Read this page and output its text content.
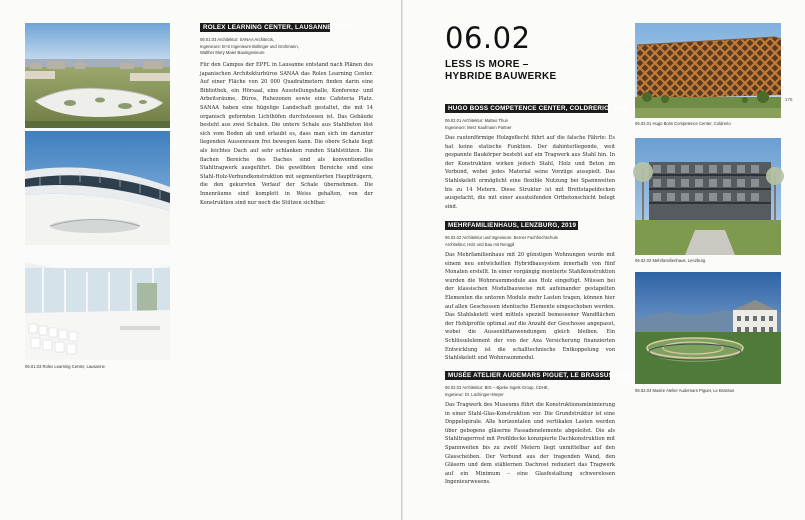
06.01.03 Rolex Learning Center, Lausanne
ROLEX LEARNING CENTER, LAUSANNE, 2010
06.01.03 Architektur: SANAA Architects,
Ingenieure: B+S Ingenieure Bollinger und Grohmann,
Walther Mory Maier Bauingenieure
Für den Campus der EPFL in Lausanne entstand nach Plänen des japanischen Architekturbüros SANAA das Rolex Learning Center. Auf einer Fläche von 20 000 Quadratmetern finden darin eine Bibliothek, ein Hörsaal, eine Ausstellungshalle, Konferenz- und Arbeitsräume, Büros, Ruhezonen sowie eine Cafeteria Platz. SANAA haben eine hügelige Landschaft gestaltet, die mit 14 organisch geformten Lichthöfen durchstossen ist. Das Gebäude besteht aus zwei Schalen. Die untere Schale aus Stahlbeton löst sich vom Boden ab und erlaubt es, dass man sich im darunter liegenden Aussenraum frei bewegen kann. Die obere Schale liegt als leichtes Dach auf sehr schlanken runden Stahlstützen. Die flachen Bereiche des Daches sind als konventionelles Stahltragwerk ausgeführt. Die gewölbten Bereiche sind eine Stahl-Holz-Verbundkonstruktion mit segmentierten Hauptträgern, die den gekurvten Verlauf der Schale übernehmen. Die Innenräume sind komplett in Weiss gehalten, von der Konstruktion sind nur noch die Stützen sichtbar.
06.02
LESS IS MORE –
HYBRIDE BAUWERKE
175
HUGO BOSS COMPETENCE CENTER, COLDRERIO, 2006
06.02.01 Architektur: Matteo Thun
Ingenieure: Merz Kaufmann Partner
Das rautenförmige Holzgeflecht führt auf die falsche Fährte: Es hat keine statische Funktion. Der dahinterliegende, weit gespannte Baukörper besteht auf ein Tragwerk aus Stahl hin. In der Konstruktion wirken jedoch Stahl, Holz und Beton im Verbund, wobei jedes Material seine Vorzüge ausspielt. Das Stahlskelett ermöglicht eine flexible Nutzung bei Spannweiten bis zu 14 Metern. Diese Struktur ist mit Brettstapeldecken ausgefacht, die mit einer aussteifenden Ortbetonschicht belegt sind.
MEHRFAMILIENHAUS, LENZBURG, 2019
06.02.02 Architektur und Ingenieure: Berner Fachhochschule
Architektur, Holz und Bau mit Renggli
Das Mehrfamilienhaus mit 20 günstigen Wohnungen wurde mit einem neu entwickelten Hybridbausystem innerhalb von fünf Monaten erstellt. In einer vorgängig montierte Stahlkonstruktion wurden die Wohnraummodule aus Holz eingefügt. Müssen bei der klassischen Modulbauweise mit aufeinander gestapelten Elementen die unteren Module mehr Lasten tragen, können hier auf allen Geschossen identische Elemente eingeschoben werden. Das Stahlskelett wird mittels speziell bemessener Wandflächen der Hohlprofile optimal auf die Anzahl der Geschosse angepasst, wobei die Aussenliftanwendungen gleich bleiben. Ein Schlüsselelement der von der Axa Versicherung finanzierten Entwicklung ist die schalltechnische Entkoppelung von Stahlskelett und Wohnraummodul.
MUSÉE ATELIER AUDEMARS PIGUET, LE BRASSUS, 2020
06.02.03 Architektur: BIG – Bjarke Ingels Group, CDHE,
Ingenieur: Dr. Lüchinger+Meyer
Das Tragwerk des Museums führt die Konstruktionsminimierung in einer Stahl-Glas-Konstruktion vor. Die Grundstruktur ist eine Doppelspirale. Alle horizontalen und vertikalen Lasten werden über gebogene gläserne Fassadenelemente abgeleitet. Die als Stahltragerrost mit Profildecke konzipierte Dachkonstruktion mit Spannweiten bis zu zwölf Metern liegt unmittelbar auf den Glasscheiben. Der Verbund aus der tragenden Wand, den Gläsern und dem stählernen Dachrost reduziert das Tragwerk auf ein Minimum – eine Glasfestaltung schwerelosen Ingenieurwesens.
06.02.01 Hugo Boss Competence Center, Coldrerio
06.02.02 Mehrfamilienhaus, Lenzburg
06.02.03 Musée Atelier Audemars Piguet, Le Brassus
